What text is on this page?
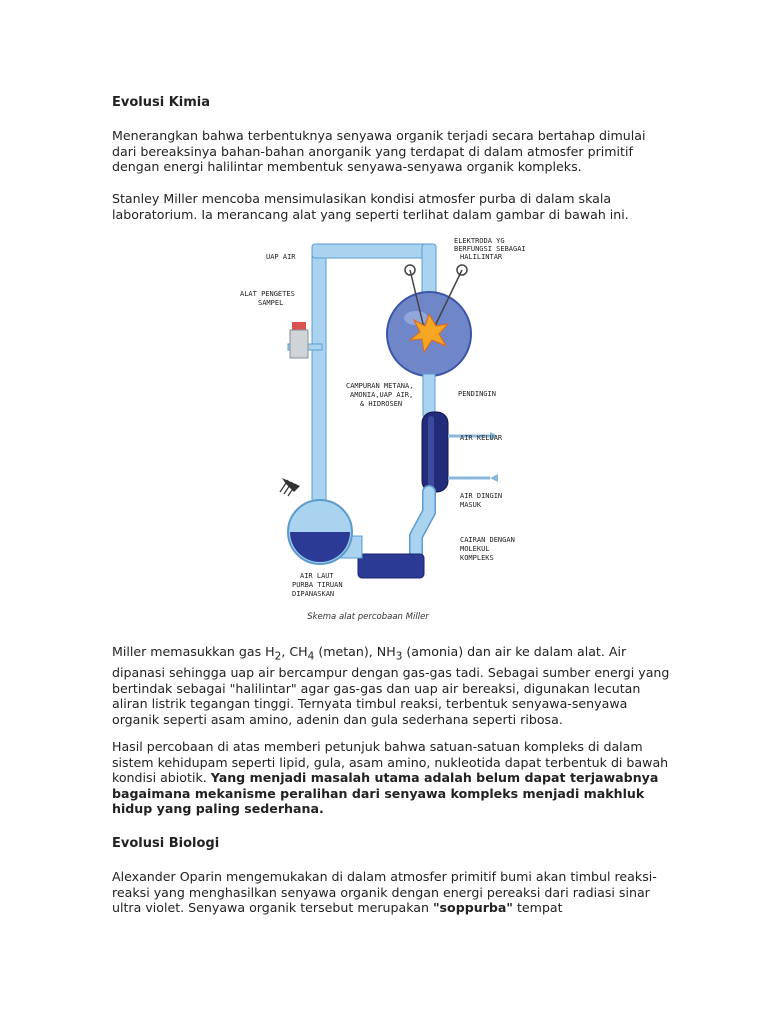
Evolusi Kimia

Menerangkan bahwa terbentuknya senyawa organik terjadi secara bertahap dimulai dari bereaksinya bahan-bahan anorganik yang terdapat di dalam atmosfer primitif dengan energi halilintar membentuk senyawa-senyawa organik kompleks.

Stanley Miller mencoba mensimulasikan kondisi atmosfer purba di dalam skala laboratorium. Ia merancang alat yang seperti terlihat dalam gambar di bawah ini.

UAP AIR
ELEKTRODA YG
BERFUNGSI SEBAGAI
HALILINTAR
ALAT PENGETES
SAMPEL
CAMPURAN METANA,
AMONIA,UAP AIR,
& HIDROSEN
PENDINGIN
AIR KELUAR
AIR DINGIN
MASUK
CAIRAN DENGAN
MOLEKUL
KOMPLEKS
AIR LAUT
PURBA TIRUAN
DIPANASKAN
Skema alat percobaan Miller

Miller memasukkan gas $H_2$, $CH_4$ (metan), $NH_3$ (amonia) dan air ke dalam alat. Air dipanasi sehingga uap air bercampur dengan gas-gas tadi. Sebagai sumber energi yang bertindak sebagai "halilintar" agar gas-gas dan uap air bereaksi, digunakan lecutan aliran listrik tegangan tinggi. Ternyata timbul reaksi, terbentuk senyawa-senyawa organik seperti asam amino, adenin dan gula sederhana seperti ribosa.

Hasil percobaan di atas memberi petunjuk bahwa satuan-satuan kompleks di dalam sistem kehidupam seperti lipid, gula, asam amino, nukleotida dapat terbentuk di bawah kondisi abiotik. Yang menjadi masalah utama adalah belum dapat terjawabnya bagaimana mekanisme peralihan dari senyawa kompleks menjadi makhluk hidup yang paling sederhana.

Evolusi Biologi

Alexander Oparin mengemukakan di dalam atmosfer primitif bumi akan timbul reaksi-reaksi yang menghasilkan senyawa organik dengan energi pereaksi dari radiasi sinar ultra violet. Senyawa organik tersebut merupakan "soppurba" tempat
